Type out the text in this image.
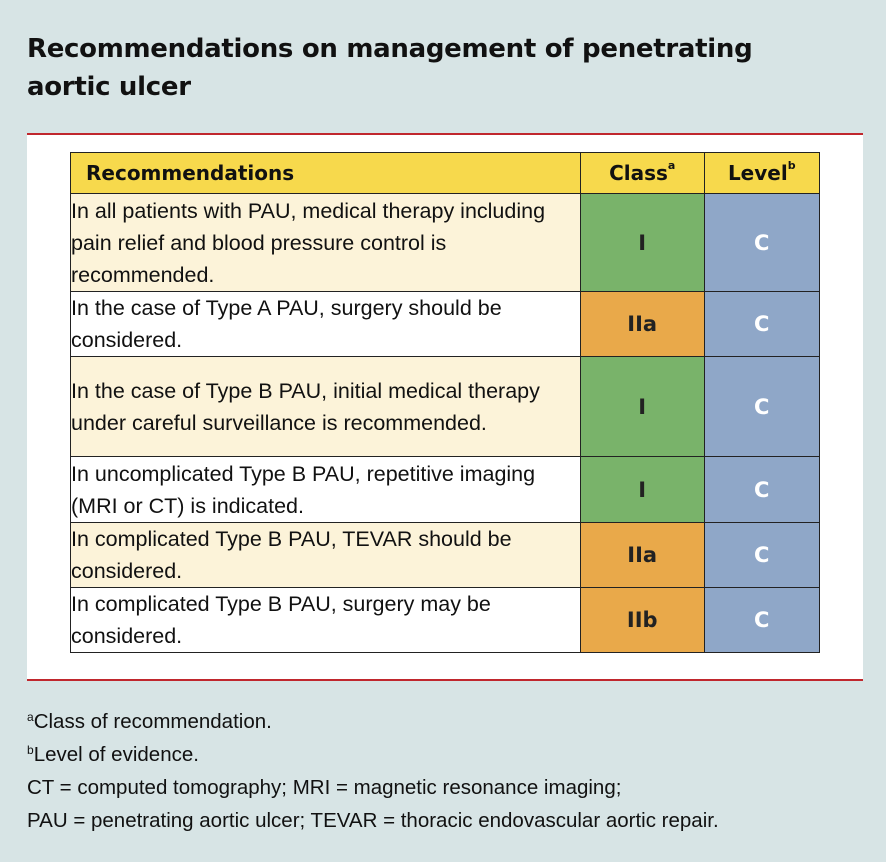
Recommendations on management of penetrating aortic ulcer
Recommendations	Class$^a$	Level$^b$
In all patients with PAU, medical therapy including pain relief and blood pressure control is recommended.	I	C
In the case of Type A PAU, surgery should be considered.	IIa	C
In the case of Type B PAU, initial medical therapy under careful surveillance is recommended.	I	C
In uncomplicated Type B PAU, repetitive imaging (MRI or CT) is indicated.	I	C
In complicated Type B PAU, TEVAR should be considered.	IIa	C
In complicated Type B PAU, surgery may be considered.	IIb	C
$^a$Class of recommendation.
$^b$Level of evidence.
CT = computed tomography; MRI = magnetic resonance imaging;
PAU = penetrating aortic ulcer; TEVAR = thoracic endovascular aortic repair.
